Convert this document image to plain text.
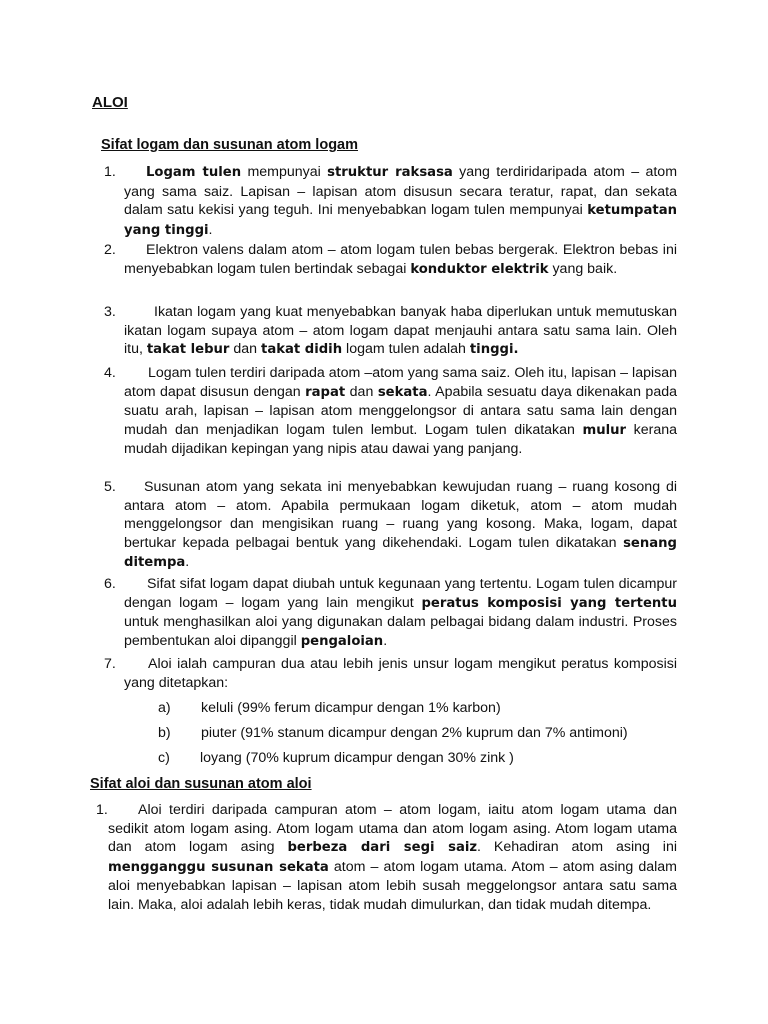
ALOI
Sifat logam dan susunan atom logam
1.	Logam tulen mempunyai struktur raksasa yang terdiridaripada atom – atom yang sama saiz. Lapisan – lapisan atom disusun secara teratur, rapat, dan sekata dalam satu kekisi yang teguh. Ini menyebabkan logam tulen mempunyai ketumpatan yang tinggi.
2.	Elektron valens dalam atom – atom logam tulen bebas bergerak. Elektron bebas ini menyebabkan logam tulen bertindak sebagai konduktor elektrik yang baik.
3.	Ikatan logam yang kuat menyebabkan banyak haba diperlukan untuk memutuskan ikatan logam supaya atom – atom logam dapat menjauhi antara satu sama lain. Oleh itu, takat lebur dan takat didih logam tulen adalah tinggi.
4.	Logam tulen terdiri daripada atom –atom yang sama saiz. Oleh itu, lapisan – lapisan atom dapat disusun dengan rapat dan sekata. Apabila sesuatu daya dikenakan pada suatu arah, lapisan – lapisan atom menggelongsor di antara satu sama lain dengan mudah dan menjadikan logam tulen lembut. Logam tulen dikatakan mulur kerana mudah dijadikan kepingan yang nipis atau dawai yang panjang.
5.	Susunan atom yang sekata ini menyebabkan kewujudan ruang – ruang kosong di antara atom – atom. Apabila permukaan logam diketuk, atom – atom mudah menggelongsor dan mengisikan ruang – ruang yang kosong. Maka, logam, dapat bertukar kepada pelbagai bentuk yang dikehendaki. Logam tulen dikatakan senang ditempa.
6.	Sifat sifat logam dapat diubah untuk kegunaan yang tertentu. Logam tulen dicampur dengan logam – logam yang lain mengikut peratus komposisi yang tertentu untuk menghasilkan aloi yang digunakan dalam pelbagai bidang dalam industri. Proses pembentukan aloi dipanggil pengaloian.
7.	Aloi ialah campuran dua atau lebih jenis unsur logam mengikut peratus komposisi yang ditetapkan:
a) keluli (99% ferum dicampur dengan 1% karbon)
b) piuter (91% stanum dicampur dengan 2% kuprum dan 7% antimoni)
c) loyang (70% kuprum dicampur dengan 30% zink )
Sifat aloi dan susunan atom aloi
1.	Aloi terdiri daripada campuran atom – atom logam, iaitu atom logam utama dan sedikit atom logam asing. Atom logam utama dan atom logam asing. Atom logam utama dan atom logam asing berbeza dari segi saiz. Kehadiran atom asing ini mengganggu susunan sekata atom – atom logam utama. Atom – atom asing dalam aloi menyebabkan lapisan – lapisan atom lebih susah meggelongsor antara satu sama lain. Maka, aloi adalah lebih keras, tidak mudah dimulurkan, dan tidak mudah ditempa.
